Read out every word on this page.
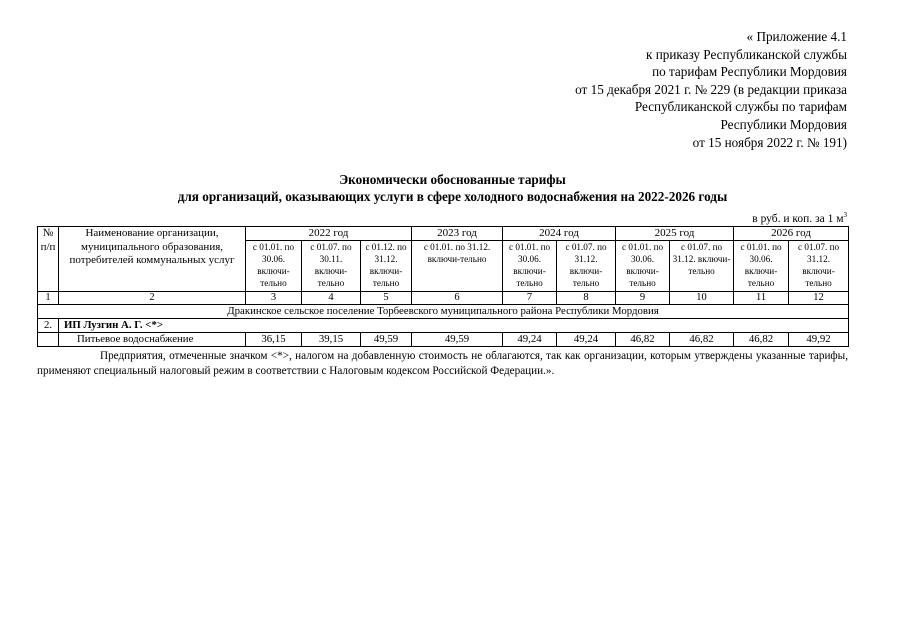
« Приложение 4.1
к приказу Республиканской службы
по тарифам Республики Мордовия
от 15 декабря 2021 г. № 229 (в редакции приказа
Республиканской службы по тарифам
Республики Мордовия
от 15 ноября 2022 г. № 191)
Экономически обоснованные тарифы
для организаций, оказывающих услуги в сфере холодного водоснабжения на 2022-2026 годы
в руб. и коп. за 1 $м^3$
№ п/п	Наименование организации, муниципального образования, потребителей коммунальных услуг	2022 год			2023 год	2024 год		2025 год		2026 год	
		с 01.01. по 30.06. включи-тельно	с 01.07. по 30.11. включи-тельно	с 01.12. по 31.12. включи-тельно	с 01.01. по 31.12. включи-тельно	с 01.01. по 30.06. включи-тельно	с 01.07. по 31.12. включи-тельно	с 01.01. по 30.06. включи-тельно	с 01.07. по 31.12. включи-тельно	с 01.01. по 30.06. включи-тельно	с 01.07. по 31.12. включи-тельно
1	2	3	4	5	6	7	8	9	10	11	12
Дракинское сельское поселение Торбеевского муниципального района Республики Мордовия											
2.	ИП Лузгин А. Г. <*>										
	Питьевое водоснабжение	36,15	39,15	49,59	49,59	49,24	49,24	46,82	46,82	46,82	49,92
Предприятия, отмеченные значком <*>, налогом на добавленную стоимость не облагаются, так как организации, которым утверждены указанные тарифы, применяют специальный налоговый режим в соответствии с Налоговым кодексом Российской Федерации.».
